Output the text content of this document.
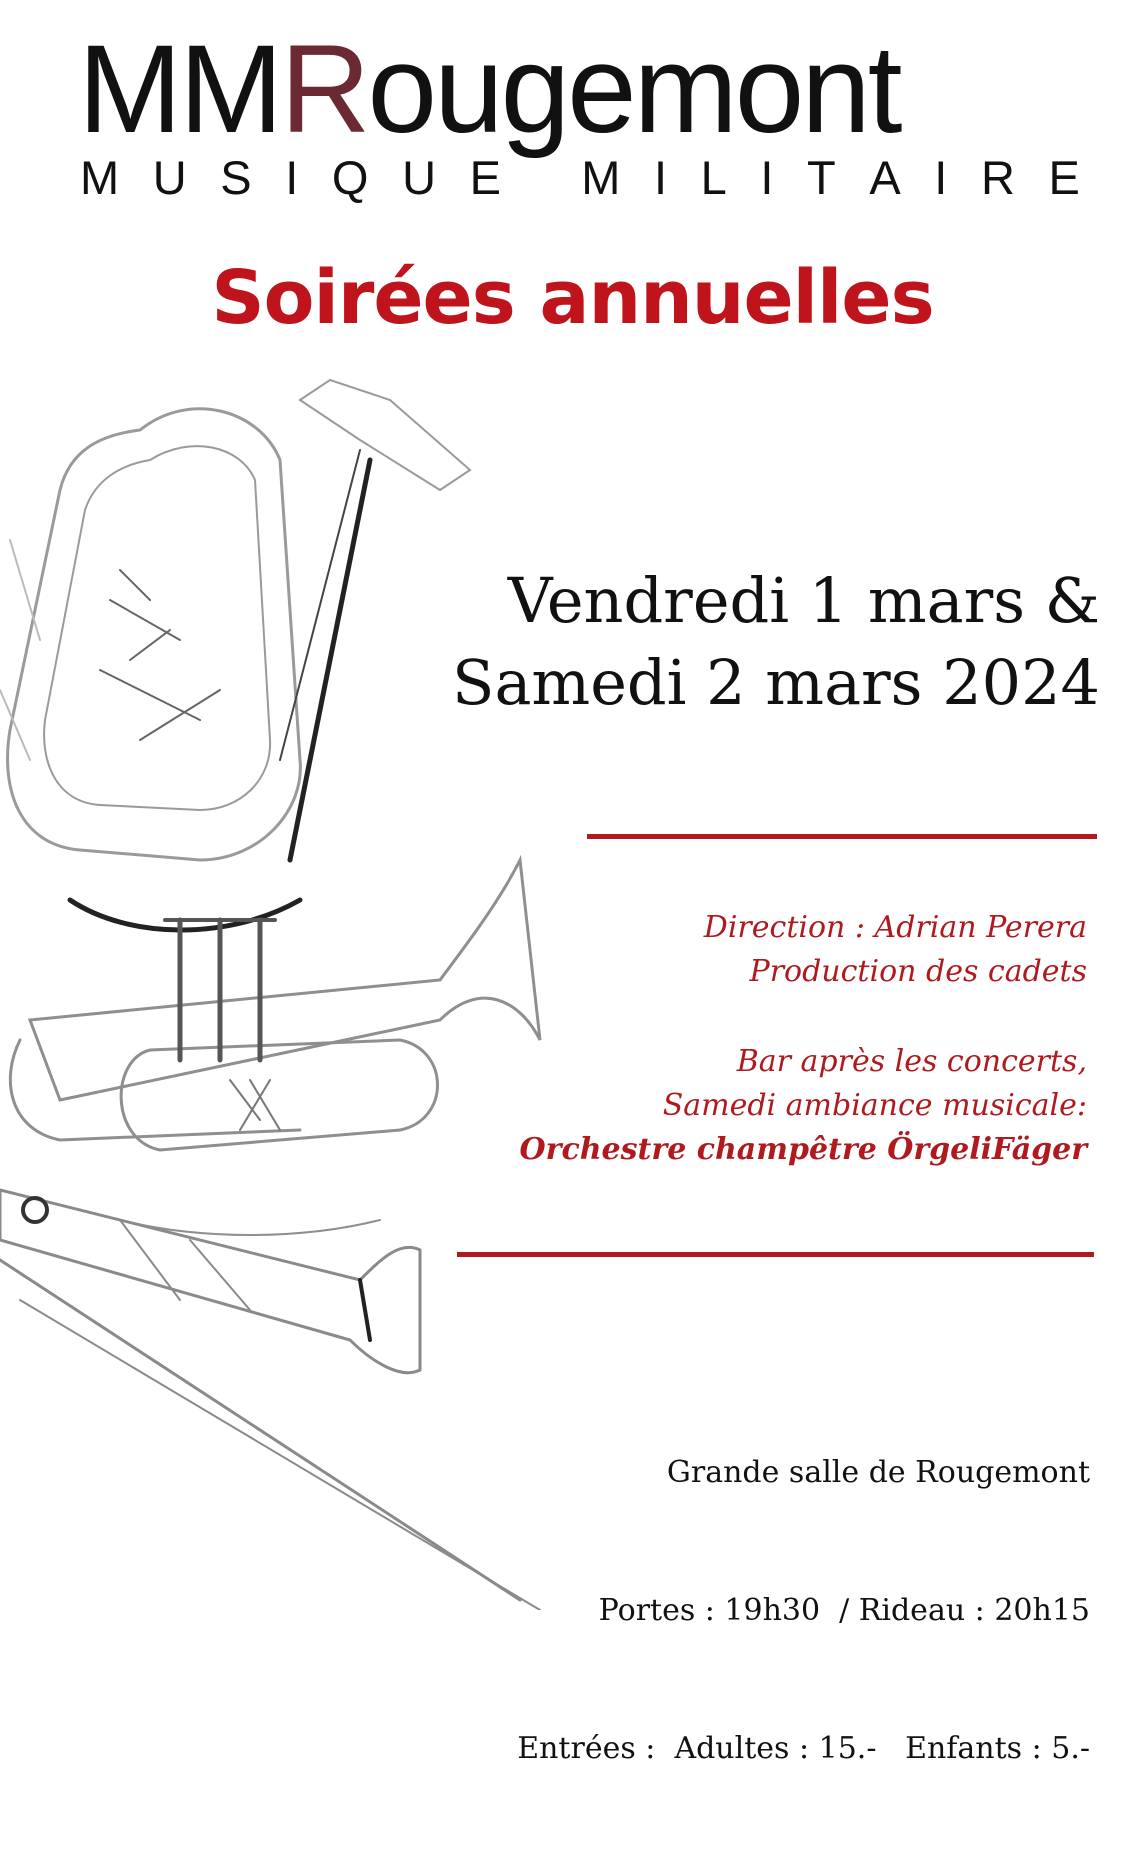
MMRougemont
M U S I Q U E
M I L I T A I R E
Soirées annuelles
Vendredi 1 mars &
Samedi 2 mars 2024
Direction : Adrian Perera
Production des cadets
Bar après les concerts,
Samedi ambiance musicale:
Orchestre champêtre ÖrgeliFäger

Grande salle de Rougemont

Portes : 19h30  / Rideau : 20h15

Entrées :  Adultes : 15.-   Enfants : 5.-
